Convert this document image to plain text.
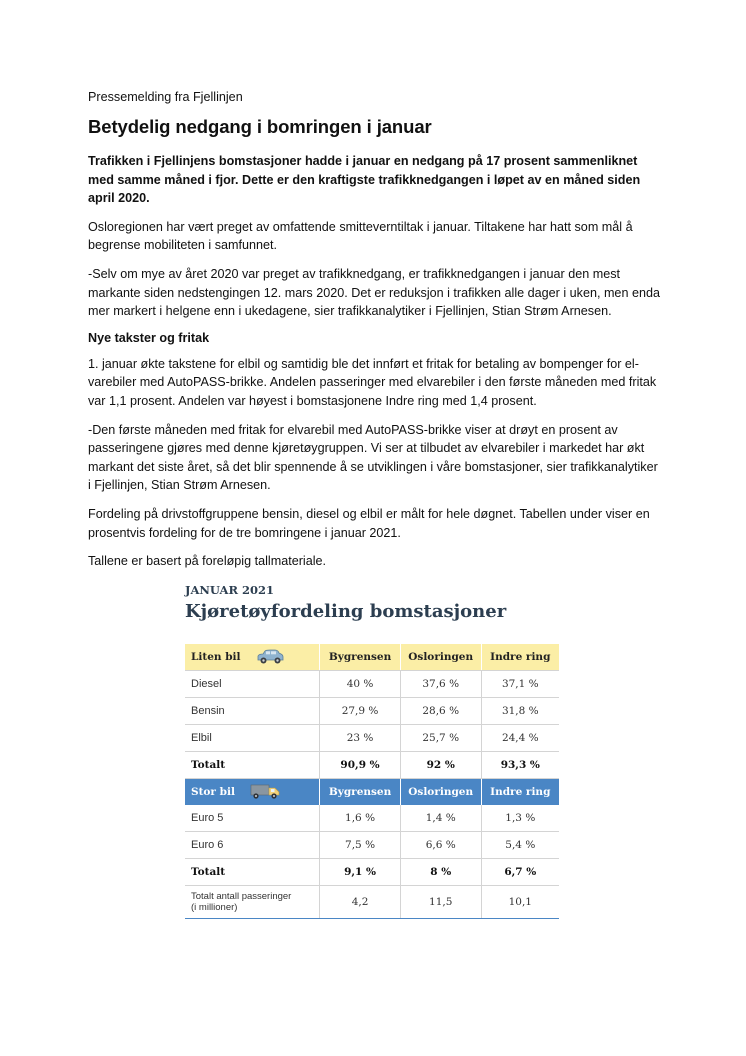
Pressemelding fra Fjellinjen
Betydelig nedgang i bomringen i januar

Trafikken i Fjellinjens bomstasjoner hadde i januar en nedgang på 17 prosent sammenliknet med samme måned i fjor. Dette er den kraftigste trafikknedgangen i løpet av en måned siden april 2020.

Osloregionen har vært preget av omfattende smitteverntiltak i januar. Tiltakene har hatt som mål å begrense mobiliteten i samfunnet.

-Selv om mye av året 2020 var preget av trafikknedgang, er trafikknedgangen i januar den mest markante siden nedstengingen 12. mars 2020. Det er reduksjon i trafikken alle dager i uken, men enda mer markert i helgene enn i ukedagene, sier trafikkanalytiker i Fjellinjen, Stian Strøm Arnesen.

Nye takster og fritak

1. januar økte takstene for elbil og samtidig ble det innført et fritak for betaling av bompenger for el-varebiler med AutoPASS-brikke. Andelen passeringer med elvarebiler i den første måneden med fritak var 1,1 prosent. Andelen var høyest i bomstasjonene Indre ring med 1,4 prosent.

-Den første måneden med fritak for elvarebil med AutoPASS-brikke viser at drøyt en prosent av passeringene gjøres med denne kjøretøygruppen. Vi ser at tilbudet av elvarebiler i markedet har økt markant det siste året, så det blir spennende å se utviklingen i våre bomstasjoner, sier trafikkanalytiker i Fjellinjen, Stian Strøm Arnesen.

Fordeling på drivstoffgruppene bensin, diesel og elbil er målt for hele døgnet. Tabellen under viser en prosentvis fordeling for de tre bomringene i januar 2021.

Tallene er basert på foreløpig tallmateriale.

JANUAR 2021
Kjøretøyfordeling bomstasjoner
Liten bil	Bygrensen	Osloringen	Indre ring
Diesel	40 %	37,6 %	37,1 %
Bensin	27,9 %	28,6 %	31,8 %
Elbil	23 %	25,7 %	24,4 %
Totalt	90,9 %	92 %	93,3 %

Stor bil	Bygrensen	Osloringen	Indre ring
Euro 5	1,6 %	1,4 %	1,3 %
Euro 6	7,5 %	6,6 %	5,4 %
Totalt	9,1 %	8 %	6,7 %
Totalt antall passeringer
(i millioner)	4,2	11,5	10,1
